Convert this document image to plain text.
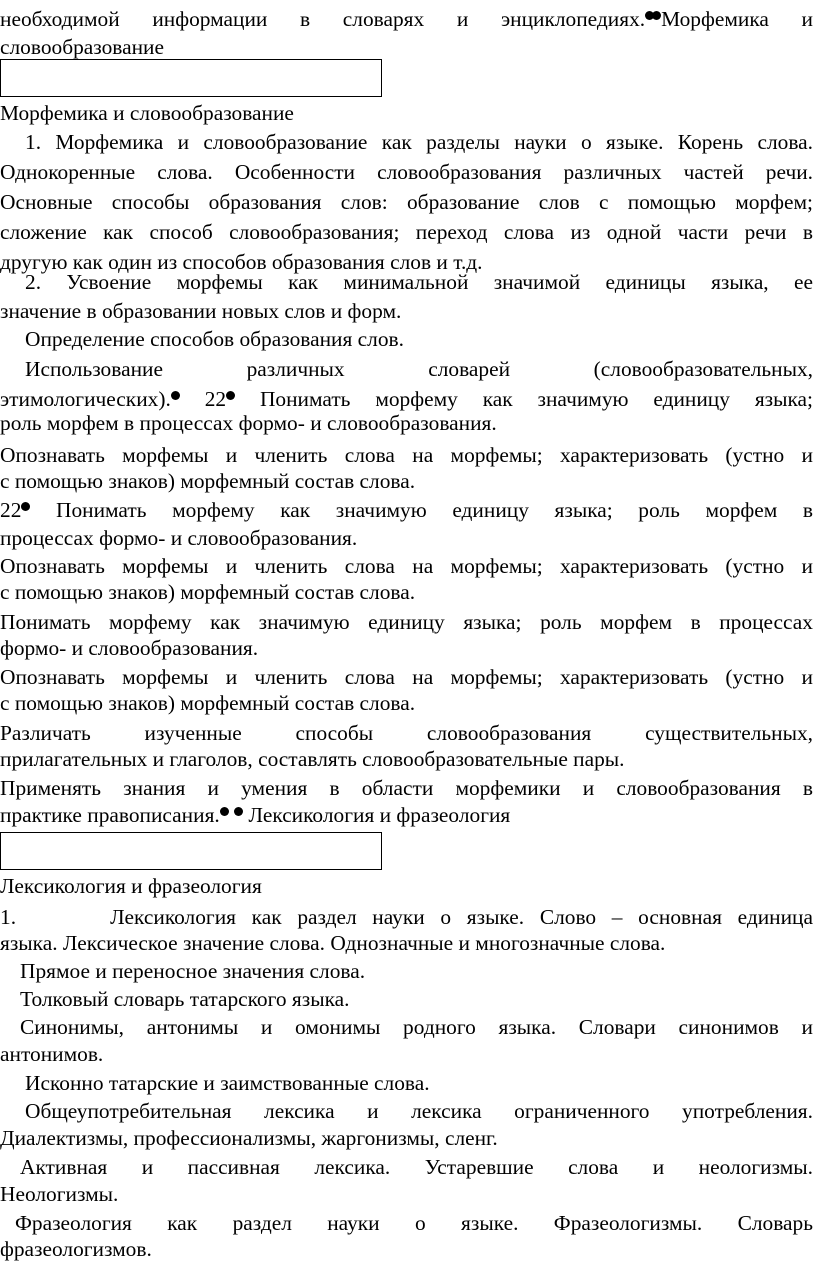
необходимой информации в словарях и энциклопедиях. Морфемика и
словообразование
Морфемика и словообразование
1. Морфемика и словообразование как разделы науки о языке. Корень слова.
Однокоренные слова. Особенности словообразования различных частей речи.
Основные способы образования слов: образование слов с помощью морфем;
сложение как способ словообразования; переход слова из одной части речи в
другую как один из способов образования слов и т.д.
2. Усвоение морфемы как минимальной значимой единицы языка, ее
значение в образовании новых слов и форм.
Определение способов образования слов.
Использование различных словарей (словообразовательных,
этимологических). 22 Понимать морфему как значимую единицу языка;
роль морфем в процессах формо- и словообразования.
Опознавать морфемы и членить слова на морфемы; характеризовать (устно и
с помощью знаков) морфемный состав слова.
22 Понимать морфему как значимую единицу языка; роль морфем в
процессах формо- и словообразования.
Опознавать морфемы и членить слова на морфемы; характеризовать (устно и
с помощью знаков) морфемный состав слова.
Понимать морфему как значимую единицу языка; роль морфем в процессах
формо- и словообразования.
Опознавать морфемы и членить слова на морфемы; характеризовать (устно и
с помощью знаков) морфемный состав слова.
Различать изученные способы словообразования существительных,
прилагательных и глаголов, составлять словообразовательные пары.
Применять знания и умения в области морфемики и словообразования в
практике правописания.  Лексикология и фразеология
Лексикология и фразеология
1.      Лексикология как раздел науки о языке. Слово – основная единица
языка. Лексическое значение слова. Однозначные и многозначные слова.
Прямое и переносное значения слова.
Толковый словарь татарского языка.
Синонимы, антонимы и омонимы родного языка. Словари синонимов и
антонимов.
Исконно татарские и заимствованные слова.
Общеупотребительная лексика и лексика ограниченного употребления.
Диалектизмы, профессионализмы, жаргонизмы, сленг.
Активная и пассивная лексика. Устаревшие слова и неологизмы.
Неологизмы.
Фразеология как раздел науки о языке. Фразеологизмы. Словарь
фразеологизмов.
